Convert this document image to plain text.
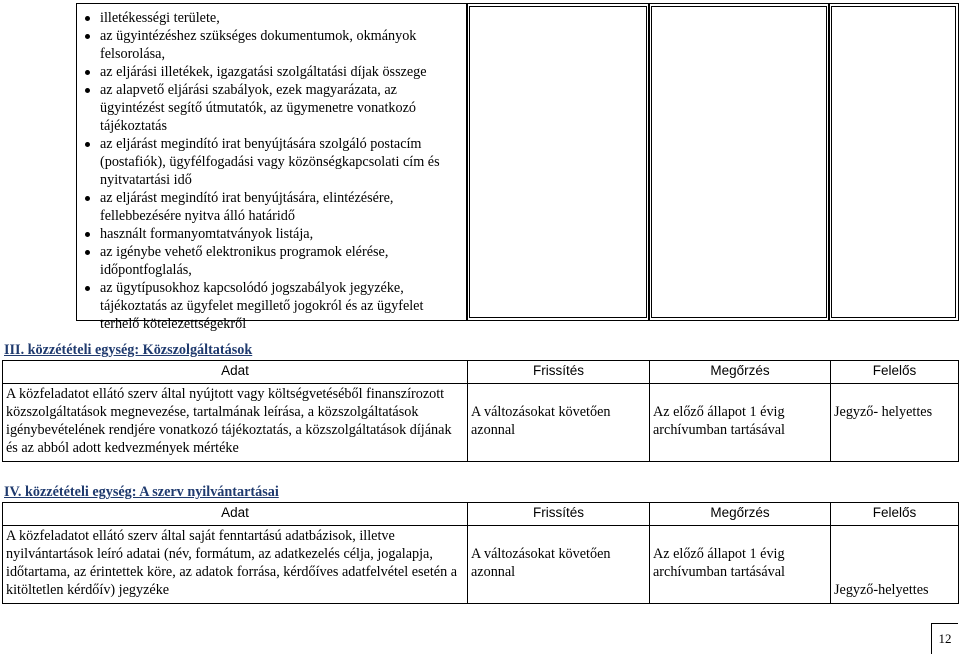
illetékességi területe,
az ügyintézéshez szükséges dokumentumok, okmányok felsorolása,
az eljárási illetékek, igazgatási szolgáltatási díjak összege
az alapvető eljárási szabályok, ezek magyarázata, az ügyintézést segítő útmutatók, az ügymenetre vonatkozó tájékoztatás
az eljárást megindító irat benyújtására szolgáló postacím (postafiók), ügyfélfogadási vagy közönségkapcsolati cím és nyitvatartási idő
az eljárást megindító irat benyújtására, elintézésére, fellebbezésére nyitva álló határidő
használt formanyomtatványok listája,
az igénybe vehető elektronikus programok elérése, időpontfoglalás,
az ügytípusokhoz kapcsolódó jogszabályok jegyzéke, tájékoztatás az ügyfelet megillető jogokról és az ügyfelet terhelő kötelezettségekről
III. közzétételi egység: Közszolgáltatások
Adat	Frissítés	Megőrzés	Felelős
A közfeladatot ellátó szerv által nyújtott vagy költségvetéséből finanszírozott közszolgáltatások megnevezése, tartalmának leírása, a közszolgáltatások igénybevételének rendjére vonatkozó tájékoztatás, a közszolgáltatások díjának és az abból adott kedvezmények mértéke	A változásokat követően azonnal	Az előző állapot 1 évig archívumban tartásával	Jegyző- helyettes
IV. közzétételi egység: A szerv nyilvántartásai
Adat	Frissítés	Megőrzés	Felelős
A közfeladatot ellátó szerv által saját fenntartású adatbázisok, illetve nyilvántartások leíró adatai (név, formátum, az adatkezelés célja, jogalapja, időtartama, az érintettek köre, az adatok forrása, kérdőíves adatfelvétel esetén a kitöltetlen kérdőív) jegyzéke	A változásokat követően azonnal	Az előző állapot 1 évig archívumban tartásával	Jegyző-helyettes
12
